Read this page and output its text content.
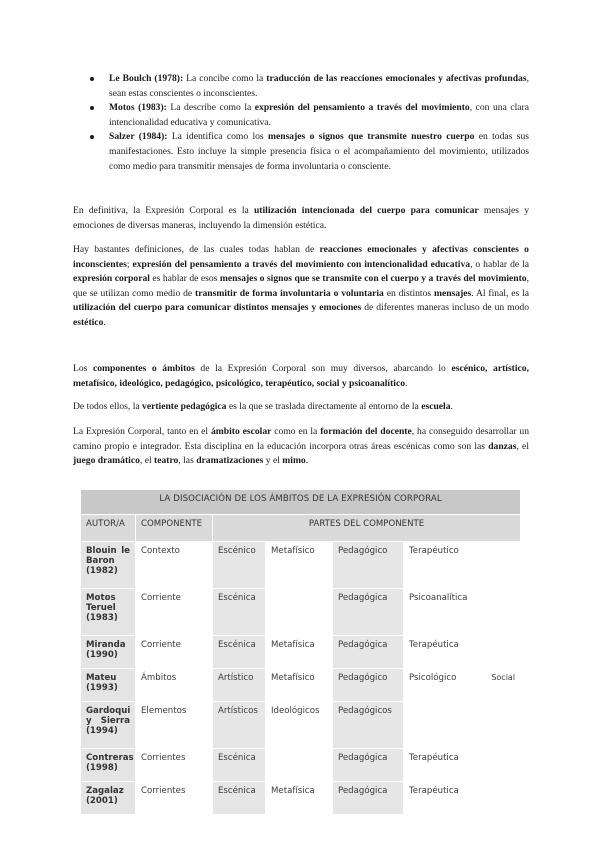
Le Boulch (1978): La concibe como la traducción de las reacciones emocionales y afectivas profundas, sean estas conscientes o inconscientes.
Motos (1983): La describe como la expresión del pensamiento a través del movimiento, con una clara intencionalidad educativa y comunicativa.
Salzer (1984): La identifica como los mensajes o signos que transmite nuestro cuerpo en todas sus manifestaciones. Esto incluye la simple presencia física o el acompañamiento del movimiento, utilizados como medio para transmitir mensajes de forma involuntaria o consciente.

En definitiva, la Expresión Corporal es la utilización intencionada del cuerpo para comunicar mensajes y emociones de diversas maneras, incluyendo la dimensión estética.

Hay bastantes definiciones, de las cuales todas hablan de reacciones emocionales y afectivas conscientes o inconscientes; expresión del pensamiento a través del movimiento con intencionalidad educativa, o hablar de la expresión corporal es hablar de esos mensajes o signos que se transmite con el cuerpo y a través del movimiento, que se utilizan como medio de transmitir de forma involuntaria o voluntaria en distintos mensajes. Al final, es la utilización del cuerpo para comunicar distintos mensajes y emociones de diferentes maneras incluso de un modo estético.

Los componentes o ámbitos de la Expresión Corporal son muy diversos, abarcando lo escénico, artístico, metafísico, ideológico, pedagógico, psicológico, terapéutico, social y psicoanalítico.

De todos ellos, la vertiente pedagógica es la que se traslada directamente al entorno de la escuela.

La Expresión Corporal, tanto en el ámbito escolar como en la formación del docente, ha conseguido desarrollar un camino propio e integrador. Esta disciplina en la educación incorpora otras áreas escénicas como son las danzas, el juego dramático, el teatro, las dramatizaciones y el mimo.

LA DISOCIACIÓN DE LOS ÁMBITOS DE LA EXPRESIÓN CORPORAL					
AUTOR/A	COMPONENTE	PARTES DEL COMPONENTE			
Blouin le Baron (1982)	Contexto	Escénico	Metafísico	Pedagógico	Terapéutico

Motos Teruel (1983)	Corriente	Escénica		Pedagógica	Psicoanalítica

Miranda (1990)	Corriente	Escénica	Metafísica	Pedagógica	Terapéutica

Mateu (1993)	Ámbitos	Artístico	Metafísico	Pedagógico	Psicológico Social

Gardoqui y Sierra (1994)	Elementos	Artísticos	Ideológicos	Pedagógicos	

Contreras (1998)	Corrientes	Escénica		Pedagógica	Terapéutica

Zagalaz (2001)	Corrientes	Escénica	Metafísica	Pedagógica	Terapéutica
